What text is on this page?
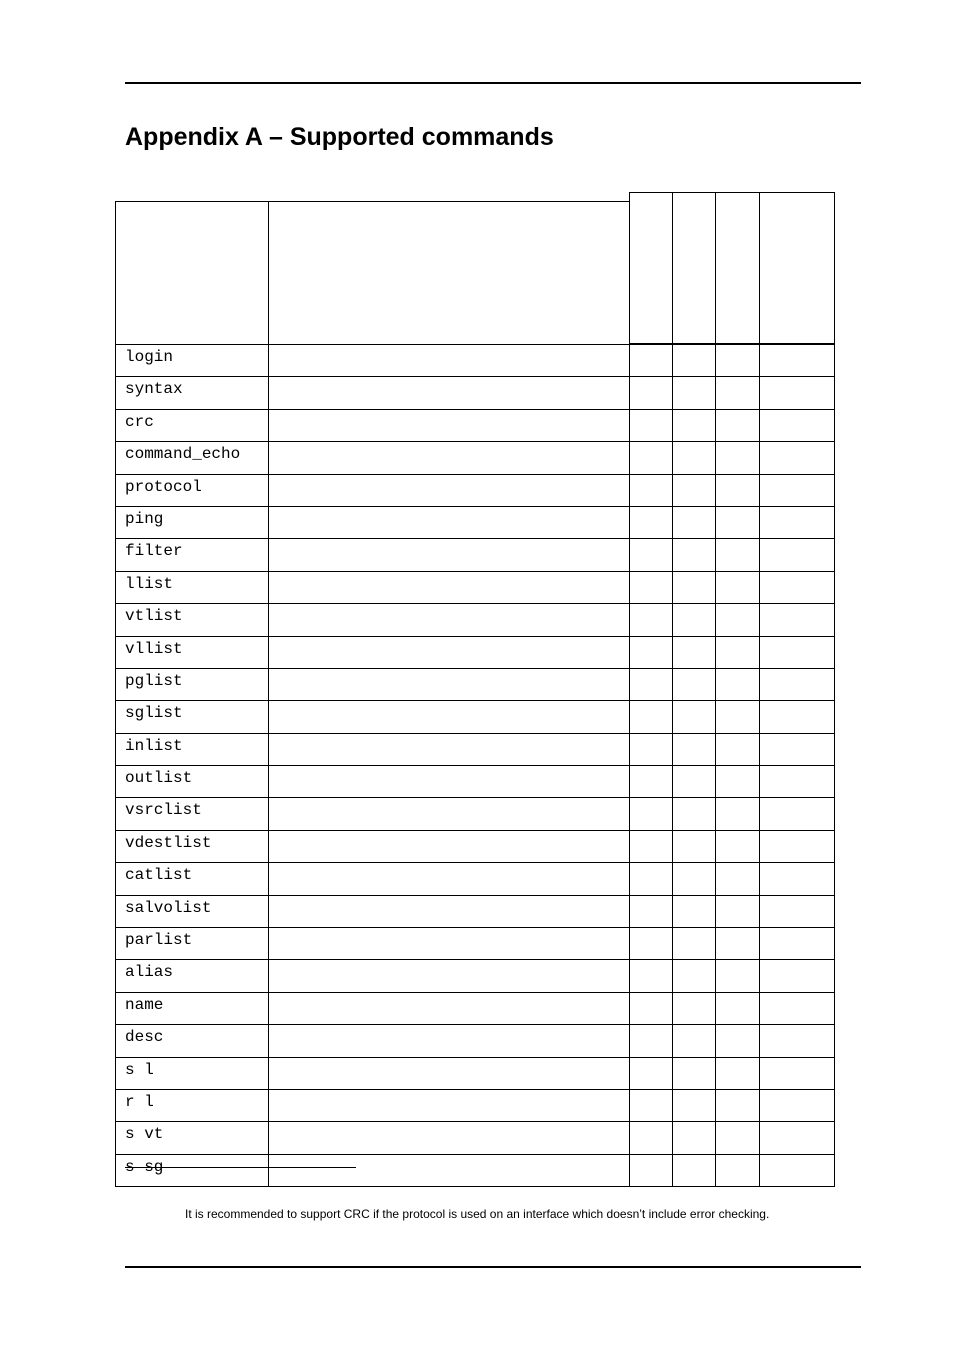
Appendix A – Supported commands

login					
syntax					
crc					
command_echo					
protocol					
ping					
filter					
llist					
vtlist					
vllist					
pglist					
sglist					
inlist					
outlist					
vsrclist					
vdestlist					
catlist					
salvolist					
parlist					
alias					
name					
desc					
s l					
r l					
s vt					
s sg					
It is recommended to support CRC if the protocol is used on an interface which doesn’t include error checking.
